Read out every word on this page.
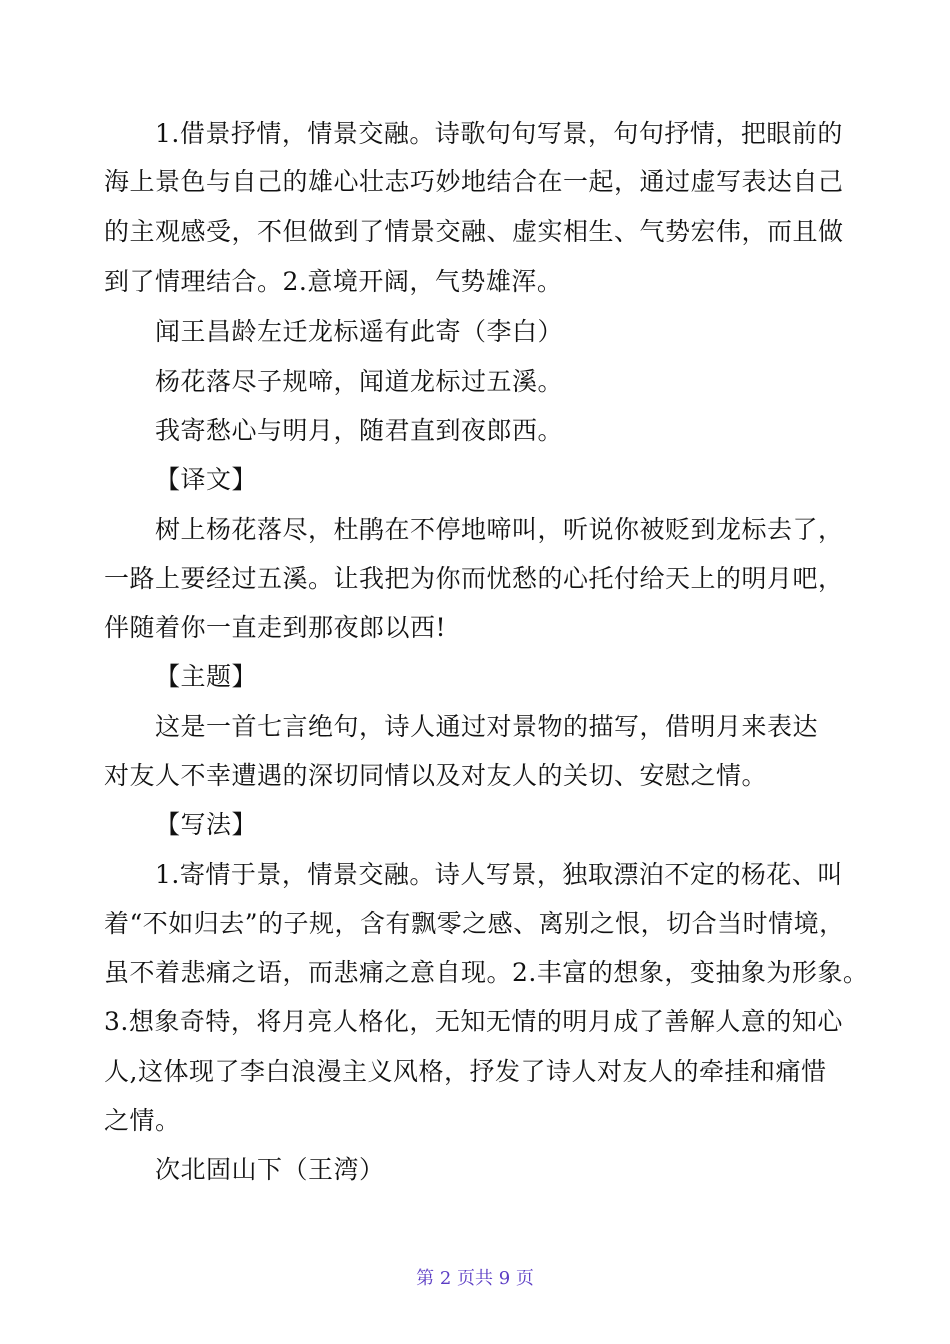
1.借景抒情，情景交融。诗歌句句写景，句句抒情，把眼前的
海上景色与自己的雄心壮志巧妙地结合在一起，通过虚写表达自己
的主观感受，不但做到了情景交融、虚实相生、气势宏伟，而且做
到了情理结合。2.意境开阔，气势雄浑。
闻王昌龄左迁龙标遥有此寄（李白）
杨花落尽子规啼，闻道龙标过五溪。
我寄愁心与明月，随君直到夜郎西。
【译文】
树上杨花落尽，杜鹃在不停地啼叫，听说你被贬到龙标去了，
一路上要经过五溪。让我把为你而忧愁的心托付给天上的明月吧，
伴随着你一直走到那夜郎以西!
【主题】
这是一首七言绝句，诗人通过对景物的描写，借明月来表达
对友人不幸遭遇的深切同情以及对友人的关切、安慰之情。
【写法】
1.寄情于景，情景交融。诗人写景，独取漂泊不定的杨花、叫
着“不如归去”的子规，含有飘零之感、离别之恨，切合当时情境，
虽不着悲痛之语，而悲痛之意自现。2.丰富的想象，变抽象为形象。
3.想象奇特，将月亮人格化，无知无情的明月成了善解人意的知心
人,这体现了李白浪漫主义风格，抒发了诗人对友人的牵挂和痛惜
之情。
次北固山下（王湾）
第 2 页共 9 页
